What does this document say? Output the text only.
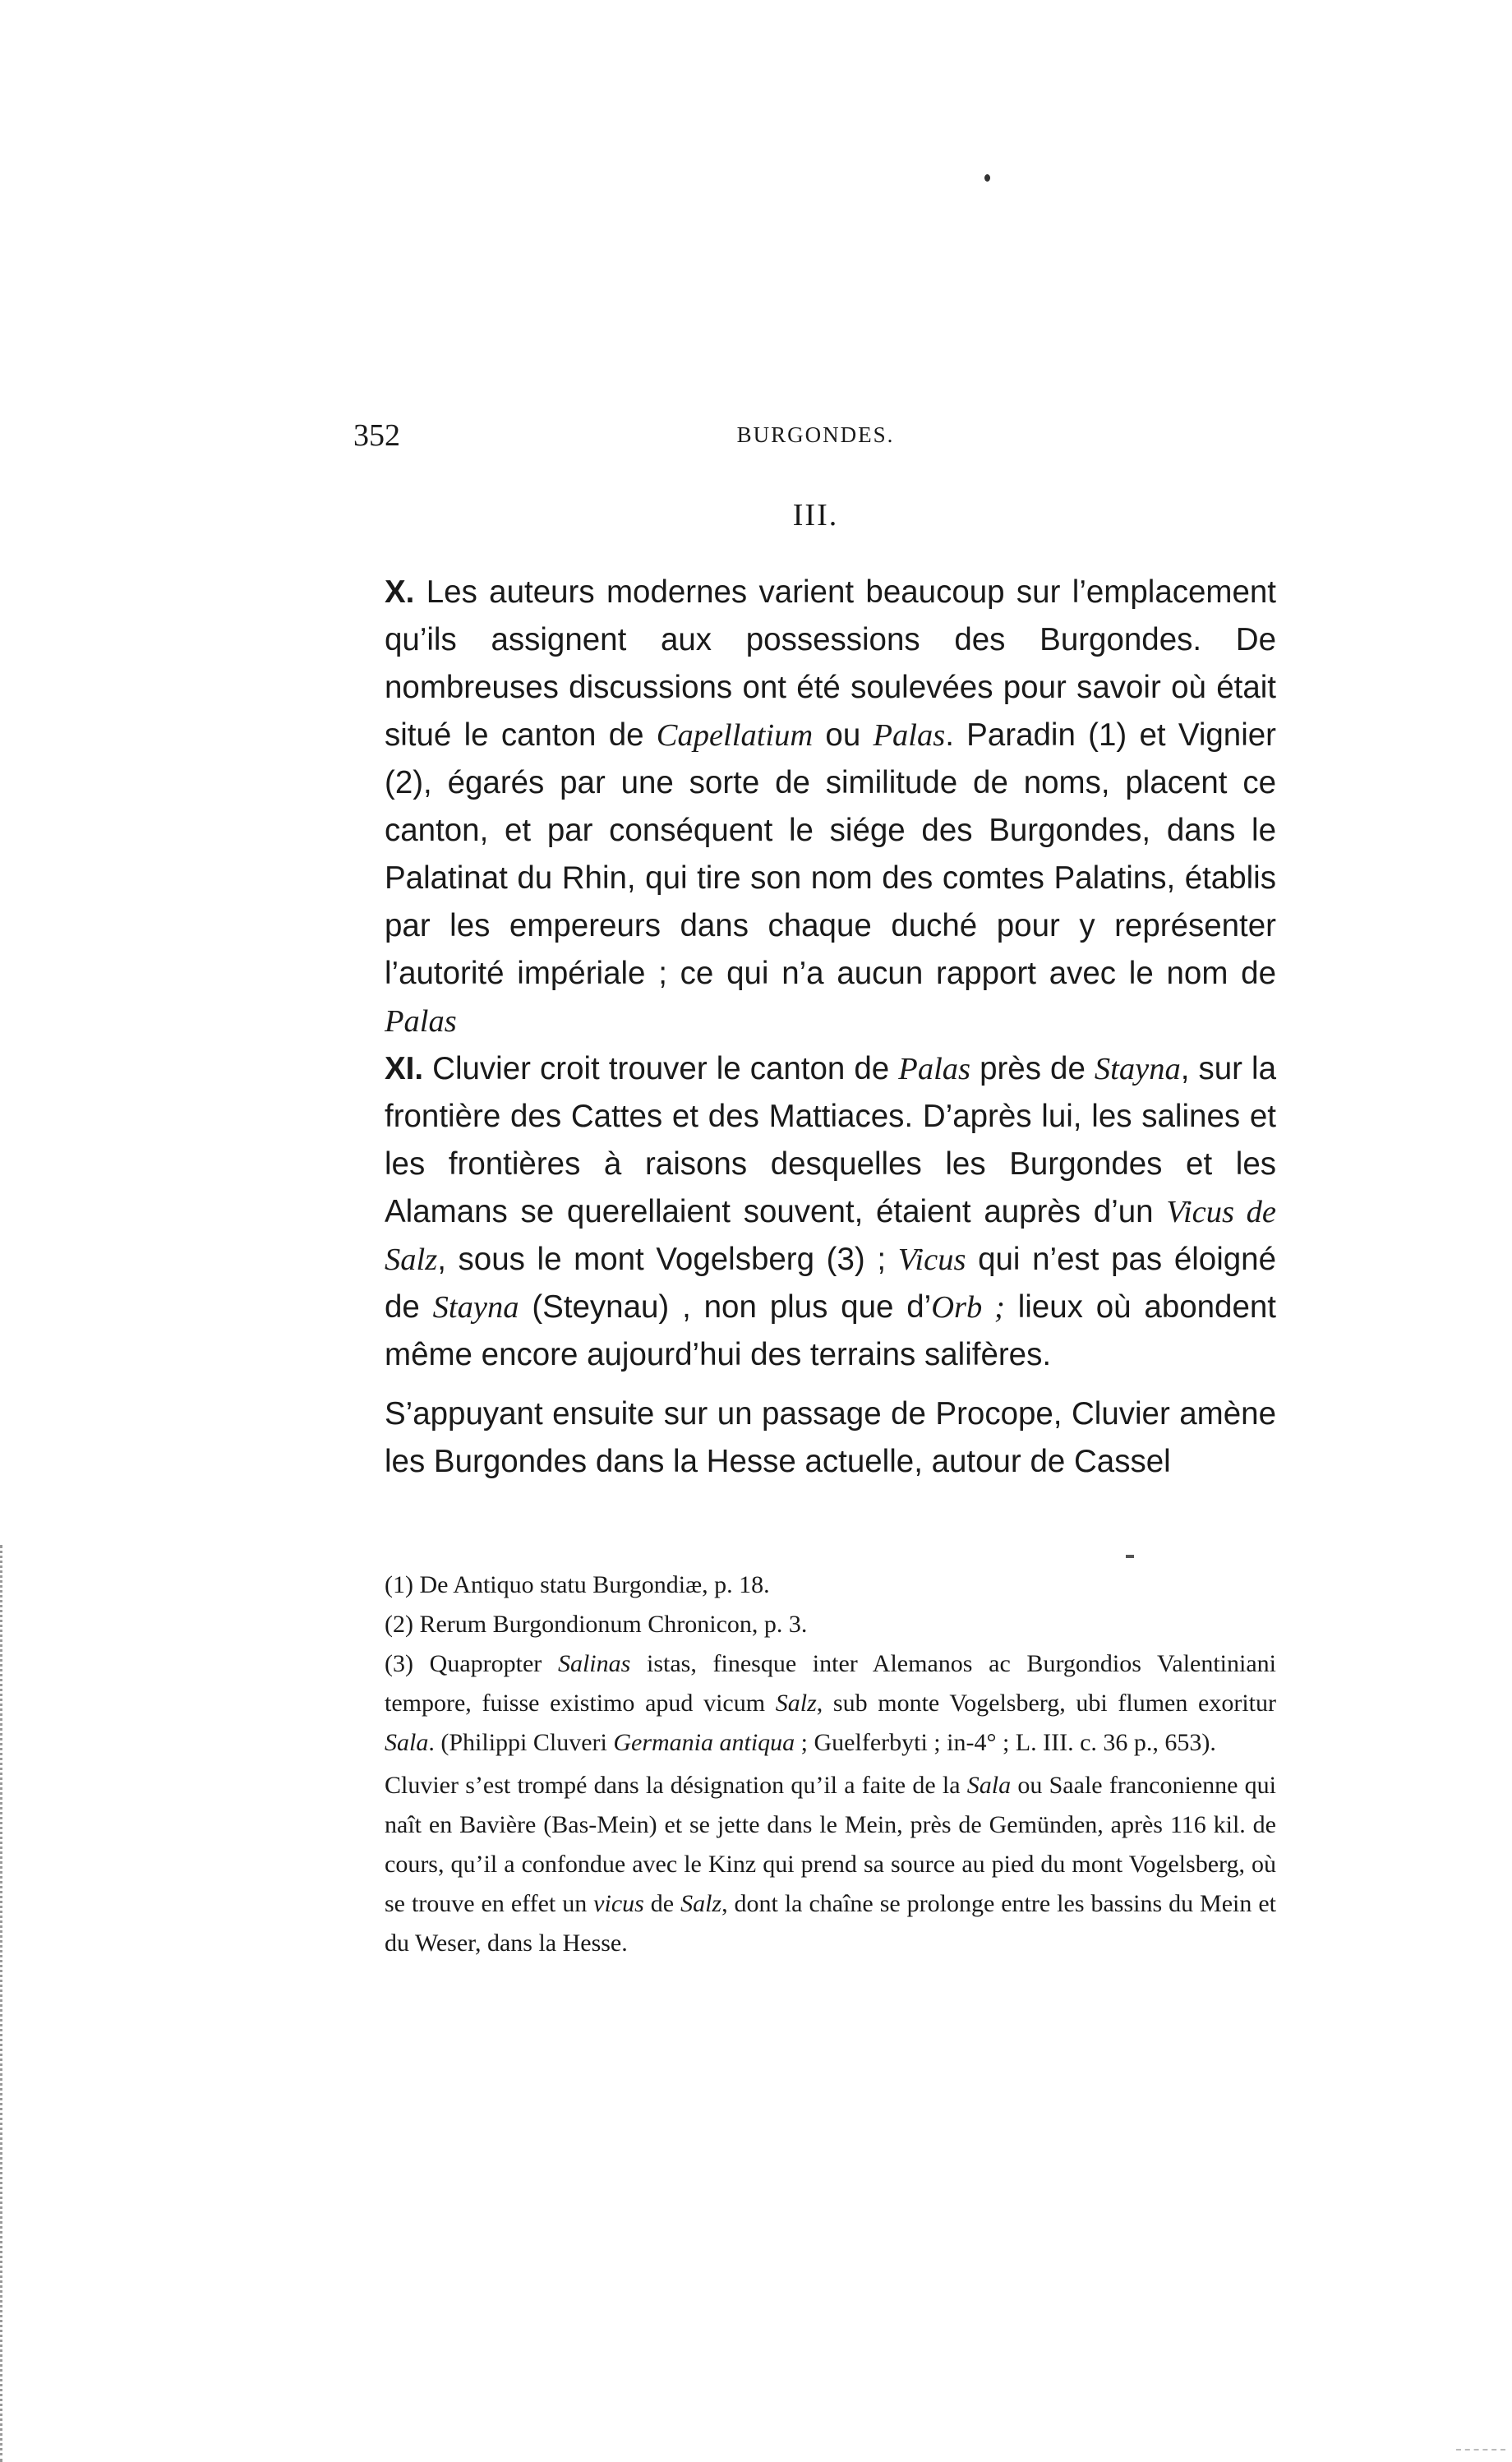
352	BURGONDES.
III.

X. Les auteurs modernes varient beaucoup sur l’emplacement qu’ils assignent aux possessions des Burgondes. De nombreuses discussions ont été soulevées pour savoir où était situé le canton de Capellatium ou Palas. Paradin (1) et Vignier (2), égarés par une sorte de similitude de noms, placent ce canton, et par conséquent le siége des Burgondes, dans le Palatinat du Rhin, qui tire son nom des comtes Palatins, établis par les empereurs dans chaque duché pour y représenter l’autorité impériale ; ce qui n’a aucun rapport avec le nom de Palas

XI. Cluvier croit trouver le canton de Palas près de Stayna, sur la frontière des Cattes et des Mattiaces. D’après lui, les salines et les frontières à raisons desquelles les Burgondes et les Alamans se querellaient souvent, étaient auprès d’un Vicus de Salz, sous le mont Vogelsberg (3) ; Vicus qui n’est pas éloigné de Stayna (Steynau) , non plus que d’Orb ; lieux où abondent même encore aujourd’hui des terrains salifères.

S’appuyant ensuite sur un passage de Procope, Cluvier amène les Burgondes dans la Hesse actuelle, autour de Cassel

(1) De Antiquo statu Burgondiæ, p. 18.

(2) Rerum Burgondionum Chronicon, p. 3.

(3) Quapropter Salinas istas, finesque inter Alemanos ac Burgondios Valentiniani tempore, fuisse existimo apud vicum Salz, sub monte Vogelsberg, ubi flumen exoritur Sala. (Philippi Cluveri Germania antiqua ; Guelferbyti ; in-4° ; L. III. c. 36 p., 653).

Cluvier s’est trompé dans la désignation qu’il a faite de la Sala ou Saale franconienne qui naît en Bavière (Bas-Mein) et se jette dans le Mein, près de Gemünden, après 116 kil. de cours, qu’il a confondue avec le Kinz qui prend sa source au pied du mont Vogelsberg, où se trouve en effet un vicus de Salz, dont la chaîne se prolonge entre les bassins du Mein et du Weser, dans la Hesse.
